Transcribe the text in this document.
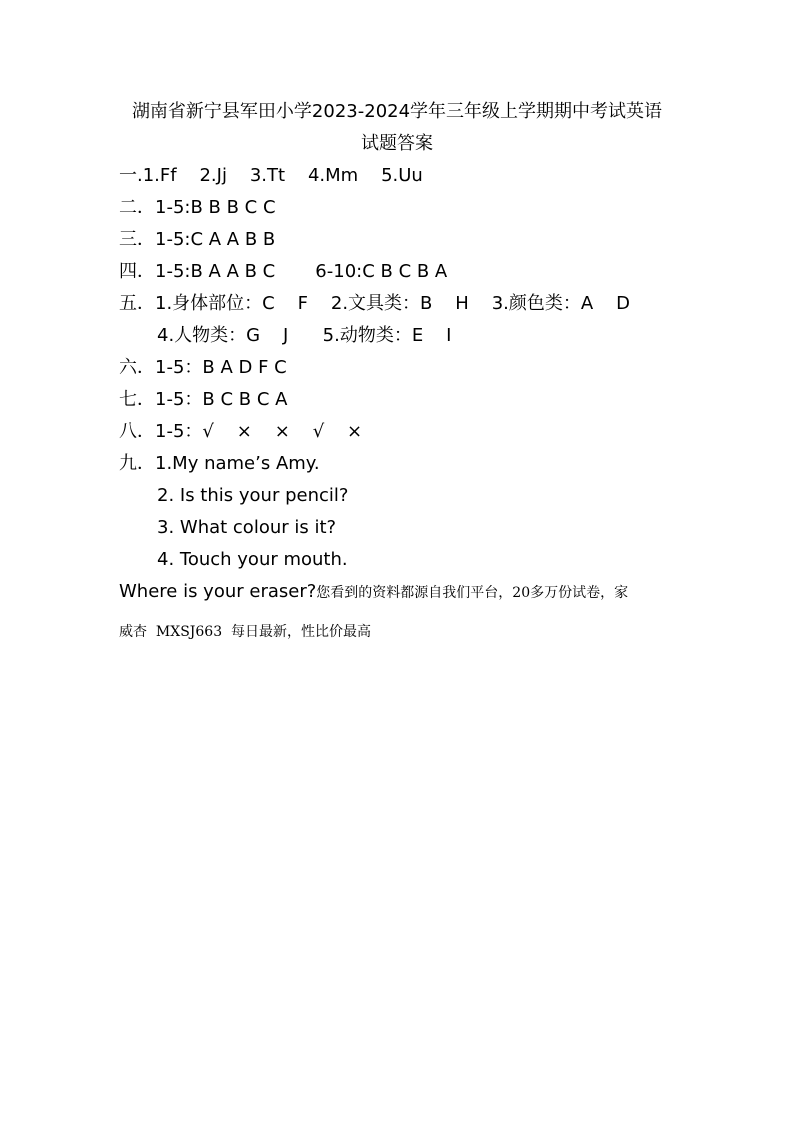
湖南省新宁县军田小学2023-2024学年三年级上学期期中考试英语

试题答案

一.1.Ff    2.Jj    3.Tt    4.Mm    5.Uu

二．1-5:B B B C C

三．1-5:C A A B B

四．1-5:B A A B C       6-10:C B C B A

五．1.身体部位：C    F    2.文具类：B    H    3.颜色类：A    D

4.人物类：G    J      5.动物类：E    I

六．1-5：B A D F C

七．1-5：B C B C A

八．1-5：√    ×    ×    √    ×

九．1.My name’s Amy.

2. Is this your pencil?

3. What colour is it?

4. Touch your mouth.

Where is your eraser?您看到的资料都源自我们平台，20多万份试卷，家

威杏  MXSJ663  每日最新，性比价最高
